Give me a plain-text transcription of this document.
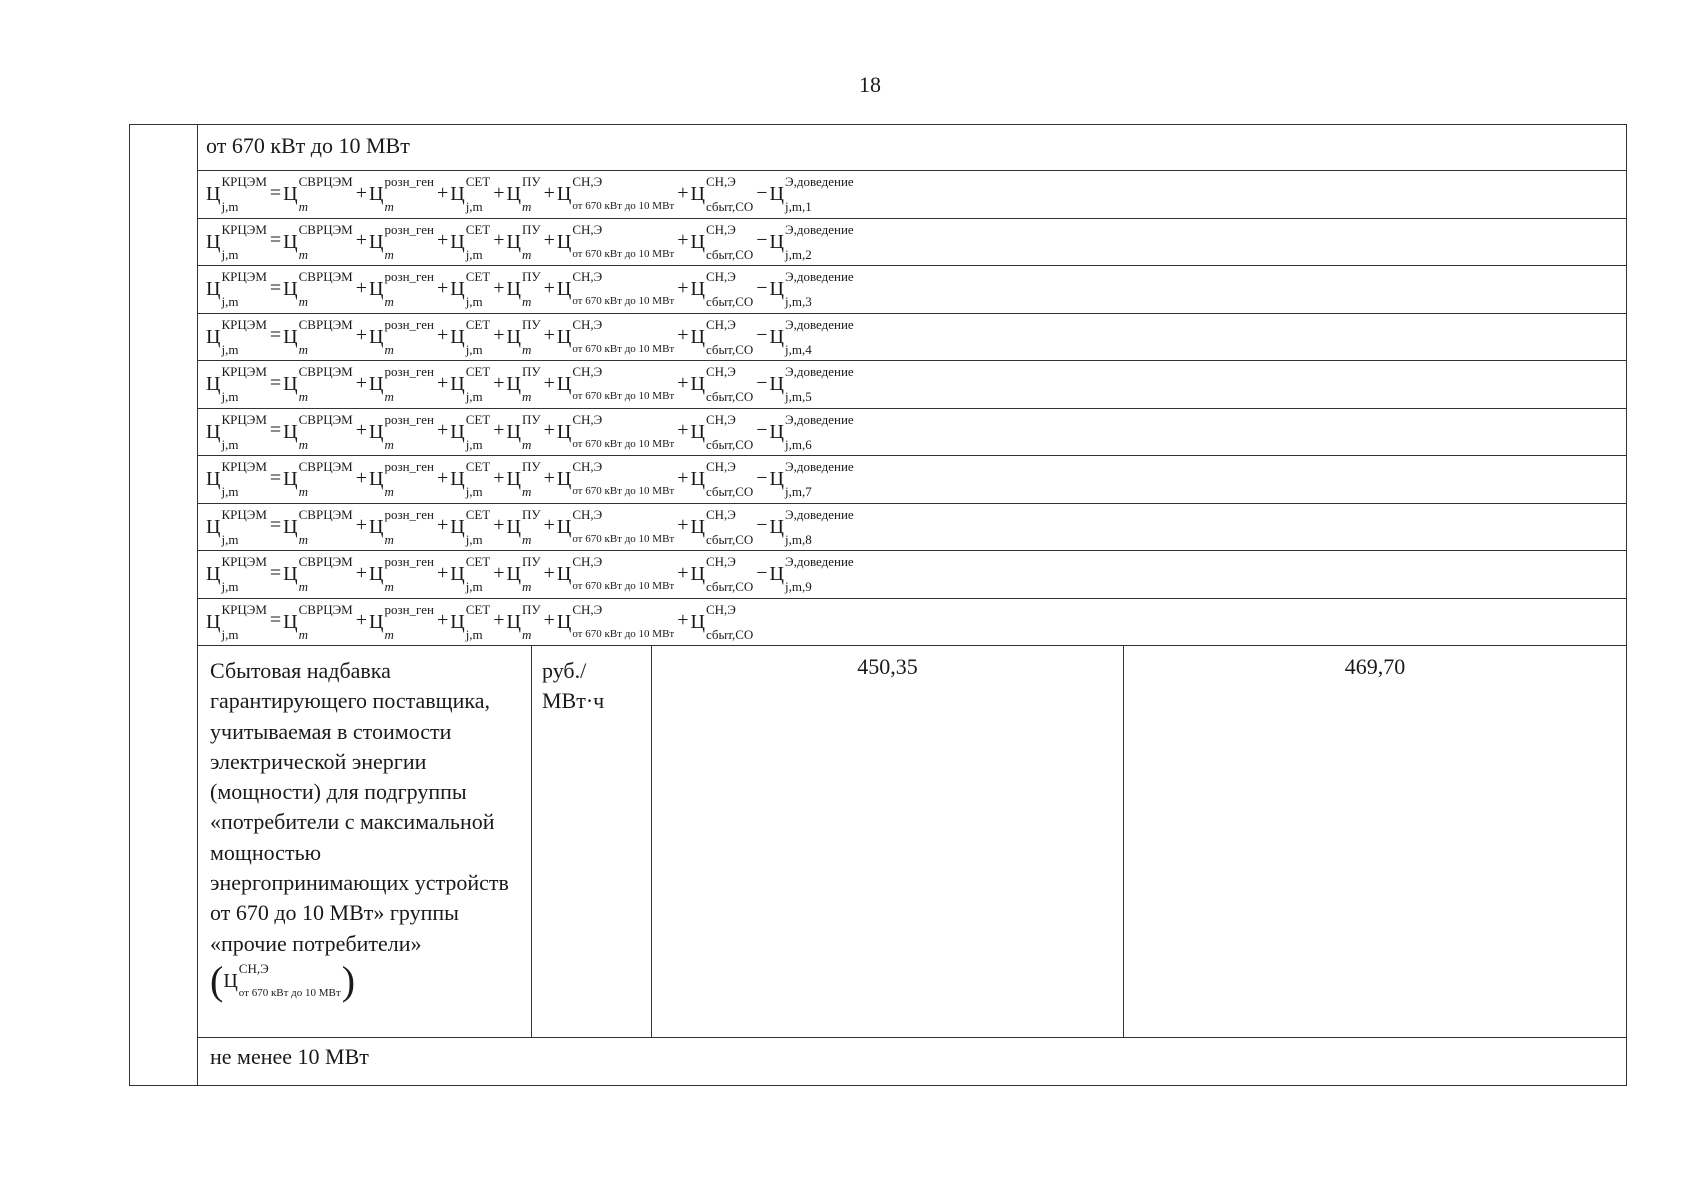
18
от 670 кВт до 10 МВт
Ц
КРЦЭМ
j,m
= Ц
СВРЦЭМ
m
+ Ц
розн_ген
m
+ Ц
СЕТ
j,m
+ Ц
ПУ
m
+ Ц
СН,Э
от 670 кВт до 10 МВт
+ Ц
СН,Э
сбыт,СО
− Ц
Э,доведение
j,m,1
Ц
КРЦЭМ
j,m
= Ц
СВРЦЭМ
m
+ Ц
розн_ген
m
+ Ц
СЕТ
j,m
+ Ц
ПУ
m
+ Ц
СН,Э
от 670 кВт до 10 МВт
+ Ц
СН,Э
сбыт,СО
− Ц
Э,доведение
j,m,2
Ц
КРЦЭМ
j,m
= Ц
СВРЦЭМ
m
+ Ц
розн_ген
m
+ Ц
СЕТ
j,m
+ Ц
ПУ
m
+ Ц
СН,Э
от 670 кВт до 10 МВт
+ Ц
СН,Э
сбыт,СО
− Ц
Э,доведение
j,m,3
Ц
КРЦЭМ
j,m
= Ц
СВРЦЭМ
m
+ Ц
розн_ген
m
+ Ц
СЕТ
j,m
+ Ц
ПУ
m
+ Ц
СН,Э
от 670 кВт до 10 МВт
+ Ц
СН,Э
сбыт,СО
− Ц
Э,доведение
j,m,4
Ц
КРЦЭМ
j,m
= Ц
СВРЦЭМ
m
+ Ц
розн_ген
m
+ Ц
СЕТ
j,m
+ Ц
ПУ
m
+ Ц
СН,Э
от 670 кВт до 10 МВт
+ Ц
СН,Э
сбыт,СО
− Ц
Э,доведение
j,m,5
Ц
КРЦЭМ
j,m
= Ц
СВРЦЭМ
m
+ Ц
розн_ген
m
+ Ц
СЕТ
j,m
+ Ц
ПУ
m
+ Ц
СН,Э
от 670 кВт до 10 МВт
+ Ц
СН,Э
сбыт,СО
− Ц
Э,доведение
j,m,6
Ц
КРЦЭМ
j,m
= Ц
СВРЦЭМ
m
+ Ц
розн_ген
m
+ Ц
СЕТ
j,m
+ Ц
ПУ
m
+ Ц
СН,Э
от 670 кВт до 10 МВт
+ Ц
СН,Э
сбыт,СО
− Ц
Э,доведение
j,m,7
Ц
КРЦЭМ
j,m
= Ц
СВРЦЭМ
m
+ Ц
розн_ген
m
+ Ц
СЕТ
j,m
+ Ц
ПУ
m
+ Ц
СН,Э
от 670 кВт до 10 МВт
+ Ц
СН,Э
сбыт,СО
− Ц
Э,доведение
j,m,8
Ц
КРЦЭМ
j,m
= Ц
СВРЦЭМ
m
+ Ц
розн_ген
m
+ Ц
СЕТ
j,m
+ Ц
ПУ
m
+ Ц
СН,Э
от 670 кВт до 10 МВт
+ Ц
СН,Э
сбыт,СО
− Ц
Э,доведение
j,m,9
Ц
КРЦЭМ
j,m
= Ц
СВРЦЭМ
m
+ Ц
розн_ген
m
+ Ц
СЕТ
j,m
+ Ц
ПУ
m
+ Ц
СН,Э
от 670 кВт до 10 МВт
+ Ц
СН,Э
сбыт,СО
Сбытовая надбавка гарантирующего поставщика, учитываемая в стоимости электрической энергии (мощности) для подгруппы «потребители с максимальной мощностью энергопринимающих устройств от 670 до 10 МВт» группы «прочие потребители»

( Ц
СН,Э
от 670 кВт до 10 МВт )
руб./ МВт·ч
450,35	469,70
не менее 10 МВт
